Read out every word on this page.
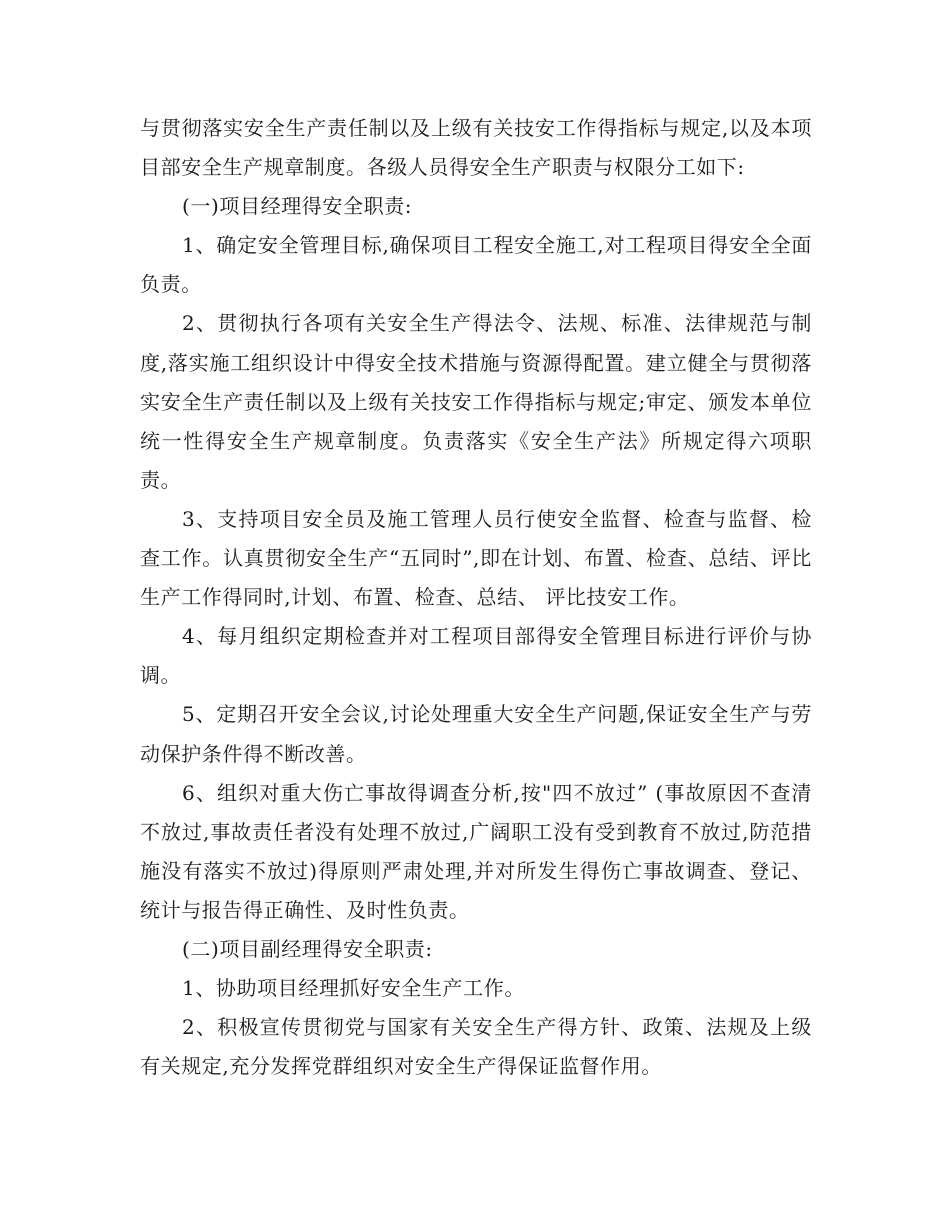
与贯彻落实安全生产责任制以及上级有关技安工作得指标与规定,以及本项目部安全生产规章制度。各级人员得安全生产职责与权限分工如下:

(一)项目经理得安全职责:

1、确定安全管理目标,确保项目工程安全施工,对工程项目得安全全面负责。

2、贯彻执行各项有关安全生产得法令、法规、标准、法律规范与制度,落实施工组织设计中得安全技术措施与资源得配置。建立健全与贯彻落实安全生产责任制以及上级有关技安工作得指标与规定;审定、颁发本单位统一性得安全生产规章制度。负责落实《安全生产法》所规定得六项职责。

3、支持项目安全员及施工管理人员行使安全监督、检查与监督、检查工作。认真贯彻安全生产“五同时”,即在计划、布置、检查、总结、评比生产工作得同时,计划、布置、检查、总结、 评比技安工作。

4、每月组织定期检查并对工程项目部得安全管理目标进行评价与协调。

5、定期召开安全会议,讨论处理重大安全生产问题,保证安全生产与劳动保护条件得不断改善。

6、组织对重大伤亡事故得调查分析,按"四不放过” (事故原因不查清不放过,事故责任者没有处理不放过,广阔职工没有受到教育不放过,防范措施没有落实不放过)得原则严肃处理,并对所发生得伤亡事故调查、登记、统计与报告得正确性、及时性负责。

(二)项目副经理得安全职责:

1、协助项目经理抓好安全生产工作。

2、积极宣传贯彻党与国家有关安全生产得方针、政策、法规及上级有关规定,充分发挥党群组织对安全生产得保证监督作用。
